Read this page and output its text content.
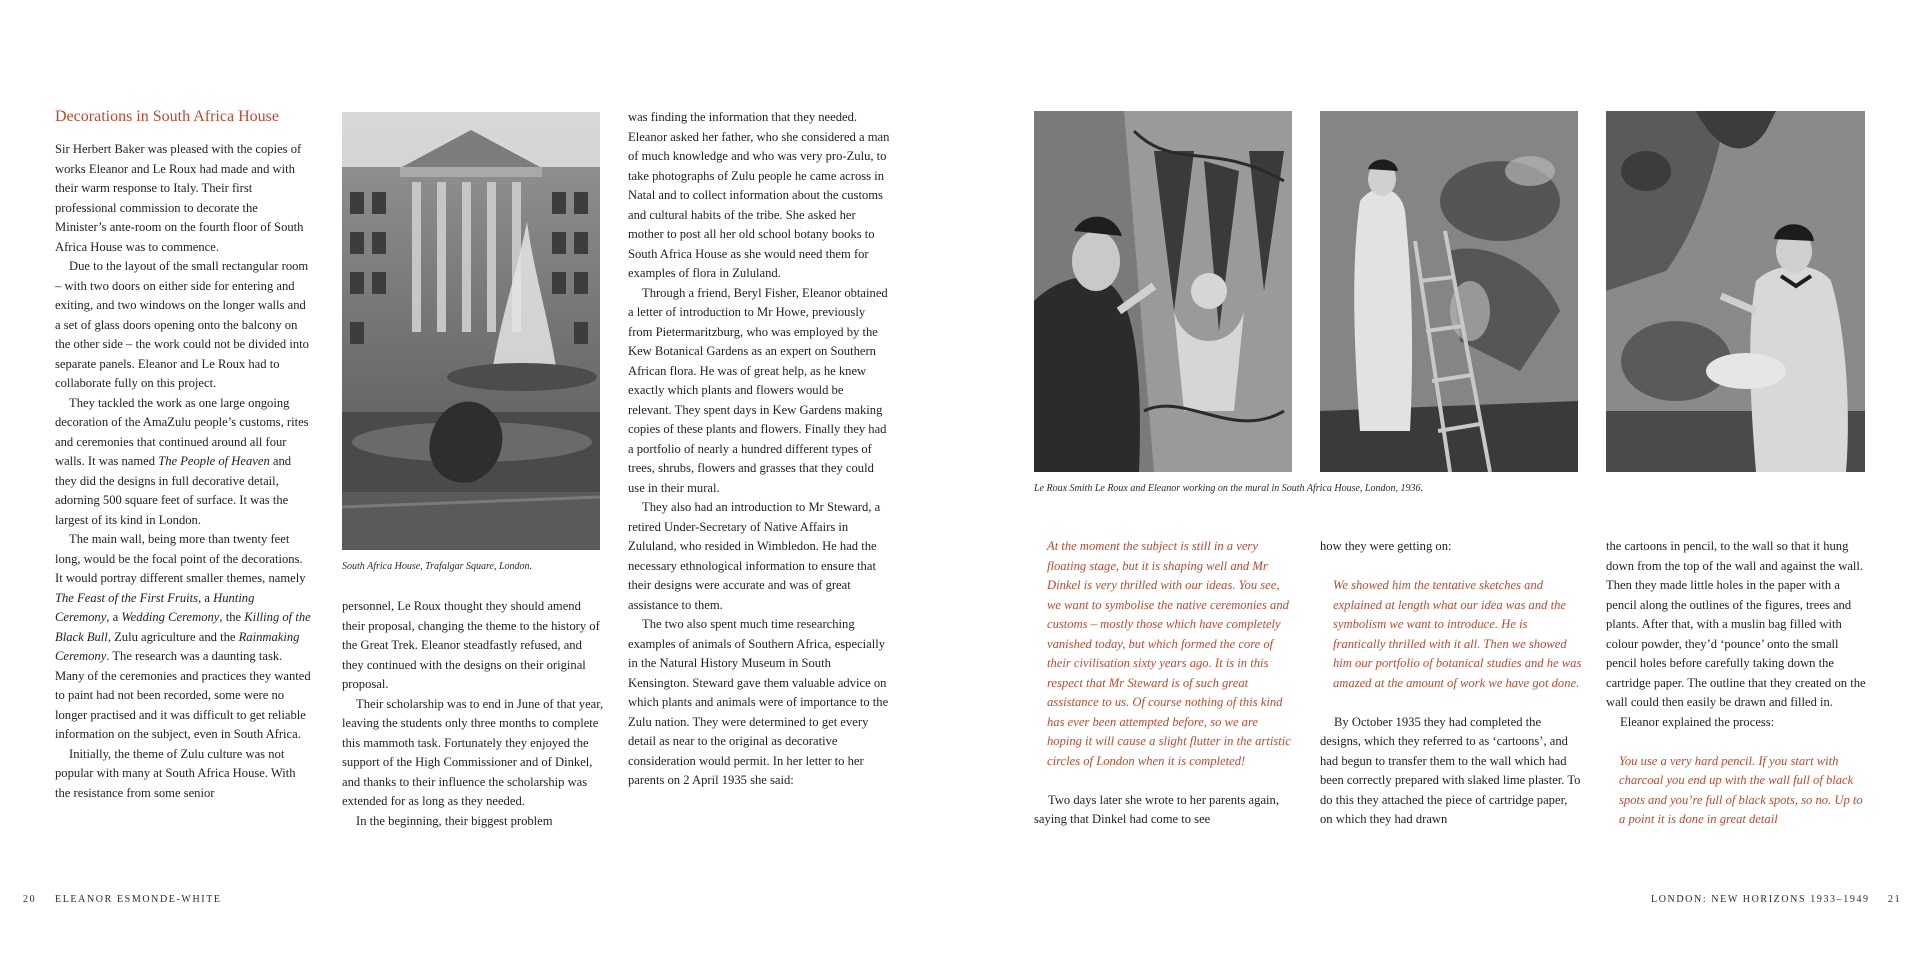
Decorations in South Africa House

Sir Herbert Baker was pleased with the copies of works Eleanor and Le Roux had made and with their warm response to Italy. Their first professional commission to decorate the Minister’s ante-room on the fourth floor of South Africa House was to commence.

Due to the layout of the small rectangular room – with two doors on either side for entering and exiting, and two windows on the longer walls and a set of glass doors opening onto the balcony on the other side – the work could not be divided into separate panels. Eleanor and Le Roux had to collaborate fully on this project.

They tackled the work as one large ongoing decoration of the AmaZulu people’s customs, rites and ceremonies that continued around all four walls. It was named The People of Heaven and they did the designs in full decorative detail, adorning 500 square feet of surface. It was the largest of its kind in London.

The main wall, being more than twenty feet long, would be the focal point of the decorations. It would portray different smaller themes, namely The Feast of the First Fruits, a Hunting Ceremony, a Wedding Ceremony, the Killing of the Black Bull, Zulu agriculture and the Rainmaking Ceremony. The research was a daunting task. Many of the ceremonies and practices they wanted to paint had not been recorded, some were no longer practised and it was difficult to get reliable information on the subject, even in South Africa.

Initially, the theme of Zulu culture was not popular with many at South Africa House. With the resistance from some senior

South Africa House, Trafalgar Square, London.

personnel, Le Roux thought they should amend their proposal, changing the theme to the history of the Great Trek. Eleanor steadfastly refused, and they continued with the designs on their original proposal.

Their scholarship was to end in June of that year, leaving the students only three months to complete this mammoth task. Fortunately they enjoyed the support of the High Commissioner and of Dinkel, and thanks to their influence the scholarship was extended for as long as they needed.

In the beginning, their biggest problem

was finding the information that they needed. Eleanor asked her father, who she considered a man of much knowledge and who was very pro-Zulu, to take photographs of Zulu people he came across in Natal and to collect information about the customs and cultural habits of the tribe. She asked her mother to post all her old school botany books to South Africa House as she would need them for examples of flora in Zululand.

Through a friend, Beryl Fisher, Eleanor obtained a letter of introduction to Mr Howe, previously from Pietermaritzburg, who was employed by the Kew Botanical Gardens as an expert on Southern African flora. He was of great help, as he knew exactly which plants and flowers would be relevant. They spent days in Kew Gardens making copies of these plants and flowers. Finally they had a portfolio of nearly a hundred different types of trees, shrubs, flowers and grasses that they could use in their mural.

They also had an introduction to Mr Steward, a retired Under-Secretary of Native Affairs in Zululand, who resided in Wimbledon. He had the necessary ethnological information to ensure that their designs were accurate and was of great assistance to them.

The two also spent much time researching examples of animals of Southern Africa, especially in the Natural History Museum in South Kensington. Steward gave them valuable advice on which plants and animals were of importance to the Zulu nation. They were determined to get every detail as near to the original as decorative consideration would permit. In her letter to her parents on 2 April 1935 she said:

20 ELEANOR ESMONDE-WHITE
Le Roux Smith Le Roux and Eleanor working on the mural in South Africa House, London, 1936.

At the moment the subject is still in a very floating stage, but it is shaping well and Mr Dinkel is very thrilled with our ideas. You see, we want to symbolise the native ceremonies and customs – mostly those which have completely vanished today, but which formed the core of their civilisation sixty years ago. It is in this respect that Mr Steward is of such great assistance to us. Of course nothing of this kind has ever been attempted before, so we are hoping it will cause a slight flutter in the artistic circles of London when it is completed!

Two days later she wrote to her parents again, saying that Dinkel had come to see

how they were getting on:

We showed him the tentative sketches and explained at length what our idea was and the symbolism we want to introduce. He is frantically thrilled with it all. Then we showed him our portfolio of botanical studies and he was amazed at the amount of work we have got done.

By October 1935 they had completed the designs, which they referred to as ‘cartoons’, and had begun to transfer them to the wall which had been correctly prepared with slaked lime plaster. To do this they attached the piece of cartridge paper, on which they had drawn

the cartoons in pencil, to the wall so that it hung down from the top of the wall and against the wall. Then they made little holes in the paper with a pencil along the outlines of the figures, trees and plants. After that, with a muslin bag filled with colour powder, they’d ‘pounce’ onto the small pencil holes before carefully taking down the cartridge paper. The outline that they created on the wall could then easily be drawn and filled in.

Eleanor explained the process:

You use a very hard pencil. If you start with charcoal you end up with the wall full of black spots and you’re full of black spots, so no. Up to a point it is done in great detail

LONDON: NEW HORIZONS 1933–1949 21
